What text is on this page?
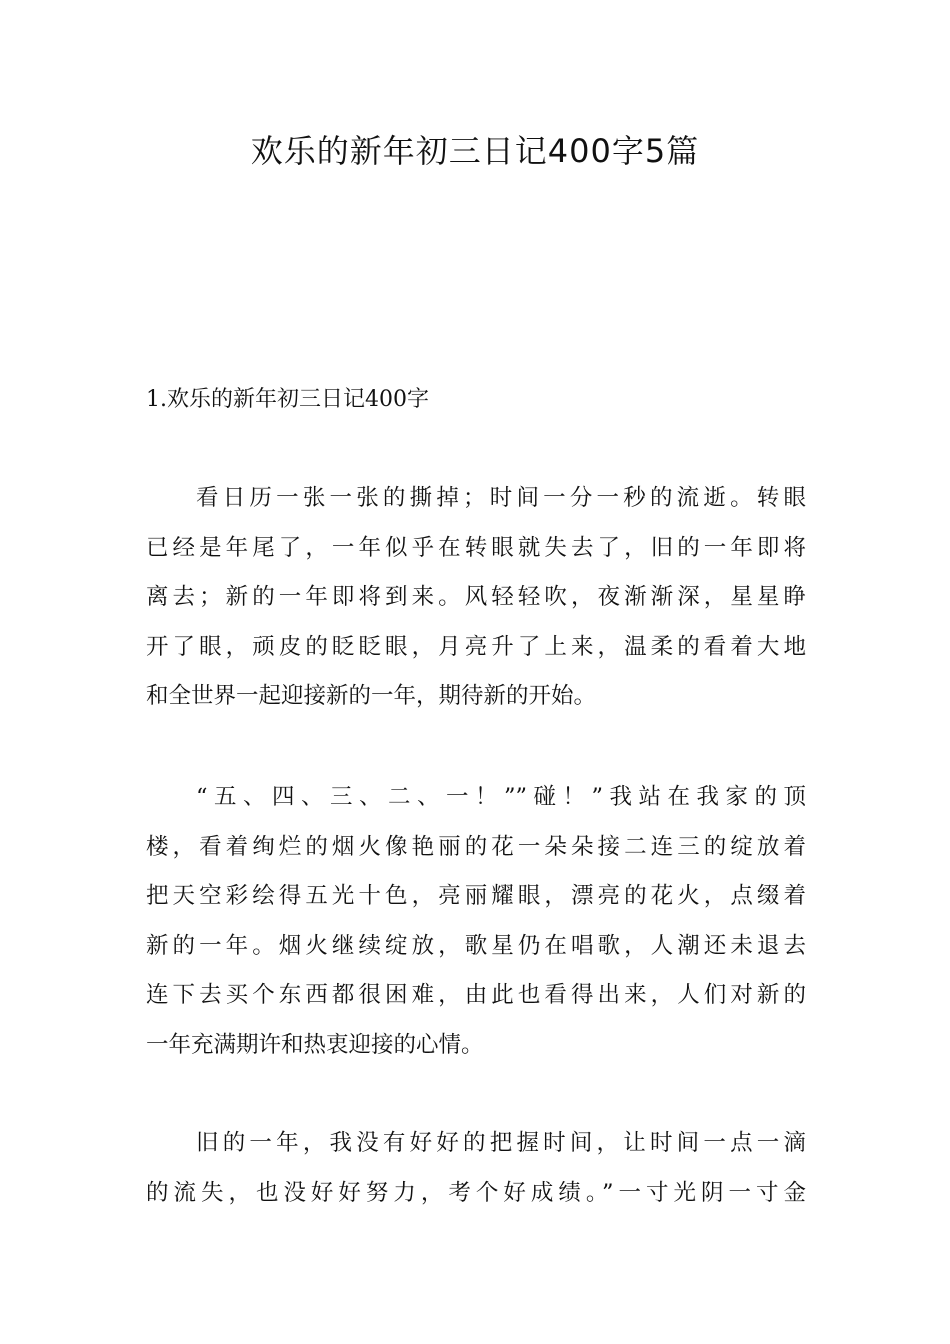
欢乐的新年初三日记400字5篇

1.欢乐的新年初三日记400字

看日历一张一张的撕掉；时间一分一秒的流逝。转眼
已经是年尾了，一年似乎在转眼就失去了，旧的一年即将
离去；新的一年即将到来。风轻轻吹，夜渐渐深，星星睁
开了眼，顽皮的眨眨眼，月亮升了上来，温柔的看着大地
和全世界一起迎接新的一年，期待新的开始。
“五、四、三、二、一！””碰！”我站在我家的顶
楼，看着绚烂的烟火像艳丽的花一朵朵接二连三的绽放着
把天空彩绘得五光十色，亮丽耀眼，漂亮的花火，点缀着
新的一年。烟火继续绽放，歌星仍在唱歌，人潮还未退去
连下去买个东西都很困难，由此也看得出来，人们对新的
一年充满期许和热衷迎接的心情。
旧的一年，我没有好好的把握时间，让时间一点一滴
的流失，也没好好努力，考个好成绩。”一寸光阴一寸金
